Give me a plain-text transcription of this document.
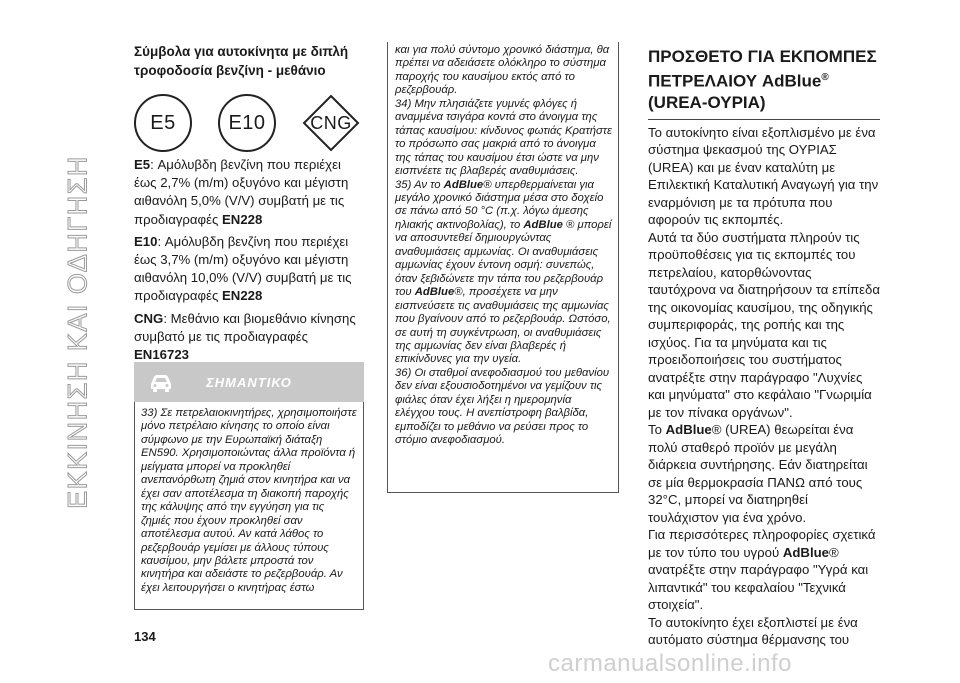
ΕΚΚΙΝΗΣΗ ΚΑΙ ΟΔΗΓΗΣΗ
Σύμβολα για αυτοκίνητα με διπλή τροφοδοσία βενζίνη - μεθάνιο
E5	E10 CNG

E5: Αμόλυβδη βενζίνη που περιέχει έως 2,7% (m/m) οξυγόνο και μέγιστη αιθανόλη 5,0% (V/V) συμβατή με τις προδιαγραφές EN228

E10: Αμόλυβδη βενζίνη που περιέχει έως 3,7% (m/m) οξυγόνο και μέγιστη αιθανόλη 10,0% (V/V) συμβατή με τις προδιαγραφές EN228

CNG: Μεθάνιο και βιομεθάνιο κίνησης συμβατό με τις προδιαγραφές EN16723

ΣΗΜΑΝΤΙΚΟ

33) Σε πετρελαιοκινητήρες, χρησιμοποιήστε μόνο πετρέλαιο κίνησης το οποίο είναι σύμφωνο με την Ευρωπαϊκή διάταξη EN590. Χρησιμοποιώντας άλλα προϊόντα ή μείγματα μπορεί να προκληθεί ανεπανόρθωτη ζημιά στον κινητήρα και να έχει σαν αποτέλεσμα τη διακοπή παροχής της κάλυψης από την εγγύηση για τις ζημιές που έχουν προκληθεί σαν αποτέλεσμα αυτού. Αν κατά λάθος το ρεζερβουάρ γεμίσει με άλλους τύπους καυσίμου, μην βάλετε μπροστά τον κινητήρα και αδειάστε το ρεζερβουάρ. Αν έχει λειτουργήσει ο κινητήρας έστω

και για πολύ σύντομο χρονικό διάστημα, θα πρέπει να αδειάσετε ολόκληρο το σύστημα παροχής του καυσίμου εκτός από το ρεζερβουάρ.

34) Μην πλησιάζετε γυμνές φλόγες ή αναμμένα τσιγάρα κοντά στο άνοιγμα της τάπας καυσίμου: κίνδυνος φωτιάς Κρατήστε το πρόσωπο σας μακριά από το άνοιγμα της τάπας του καυσίμου έτσι ώστε να μην εισπνέετε τις βλαβερές αναθυμιάσεις.

35) Αν το AdBlue® υπερθερμαίνεται για μεγάλο χρονικό διάστημα μέσα στο δοχείο σε πάνω από 50 °C (π.χ. λόγω άμεσης ηλιακής ακτινοβολίας), το AdBlue ® μπορεί να αποσυντεθεί δημιουργώντας αναθυμιάσεις αμμωνίας. Οι αναθυμιάσεις αμμωνίας έχουν έντονη οσμή: συνεπώς, όταν ξεβιδώνετε την τάπα του ρεζερβουάρ του AdBlue®, προσέχετε να μην εισπνεύσετε τις αναθυμιάσεις της αμμωνίας που βγαίνουν από το ρεζερβουάρ. Ωστόσο, σε αυτή τη συγκέντρωση, οι αναθυμιάσεις της αμμωνίας δεν είναι βλαβερές ή επικίνδυνες για την υγεία.

36) Οι σταθμοί ανεφοδιασμού του μεθανίου δεν είναι εξουσιοδοτημένοι να γεμίζουν τις φιάλες όταν έχει λήξει η ημερομηνία ελέγχου τους. Η ανεπίστροφη βαλβίδα, εμποδίζει το μεθάνιο να ρεύσει προς το στόμιο ανεφοδιασμού.

ΠΡΟΣΘΕΤΟ ΓΙΑ ΕΚΠΟΜΠΕΣ ΠΕΤΡΕΛΑΙΟΥ AdBlue®
(UREA-ΟΥΡΙΑ)

Το αυτοκίνητο είναι εξοπλισμένο με ένα σύστημα ψεκασμού της ΟΥΡΙΑΣ (UREA) και με έναν καταλύτη με Επιλεκτική Καταλυτική Αναγωγή για την εναρμόνιση με τα πρότυπα που αφορούν τις εκπομπές.

Αυτά τα δύο συστήματα πληρούν τις προϋποθέσεις για τις εκπομπές του πετρελαίου, κατορθώνοντας ταυτόχρονα να διατηρήσουν τα επίπεδα της οικονομίας καυσίμου, της οδηγικής συμπεριφοράς, της ροπής και της ισχύος. Για τα μηνύματα και τις προειδοποιήσεις του συστήματος ανατρέξτε στην παράγραφο "Λυχνίες και μηνύματα" στο κεφάλαιο "Γνωριμία με τον πίνακα οργάνων".

Το AdBlue® (UREA) θεωρείται ένα πολύ σταθερό προϊόν με μεγάλη διάρκεια συντήρησης. Εάν διατηρείται σε μία θερμοκρασία ΠΑΝΩ από τους 32°C, μπορεί να διατηρηθεί τουλάχιστον για ένα χρόνο.

Για περισσότερες πληροφορίες σχετικά με τον τύπο του υγρού AdBlue® ανατρέξτε στην παράγραφο "Υγρά και λιπαντικά" του κεφαλαίου "Τεχνικά στοιχεία".

Το αυτοκίνητο έχει εξοπλιστεί με ένα αυτόματο σύστημα θέρμανσης του

134
carmanualsonline.info
